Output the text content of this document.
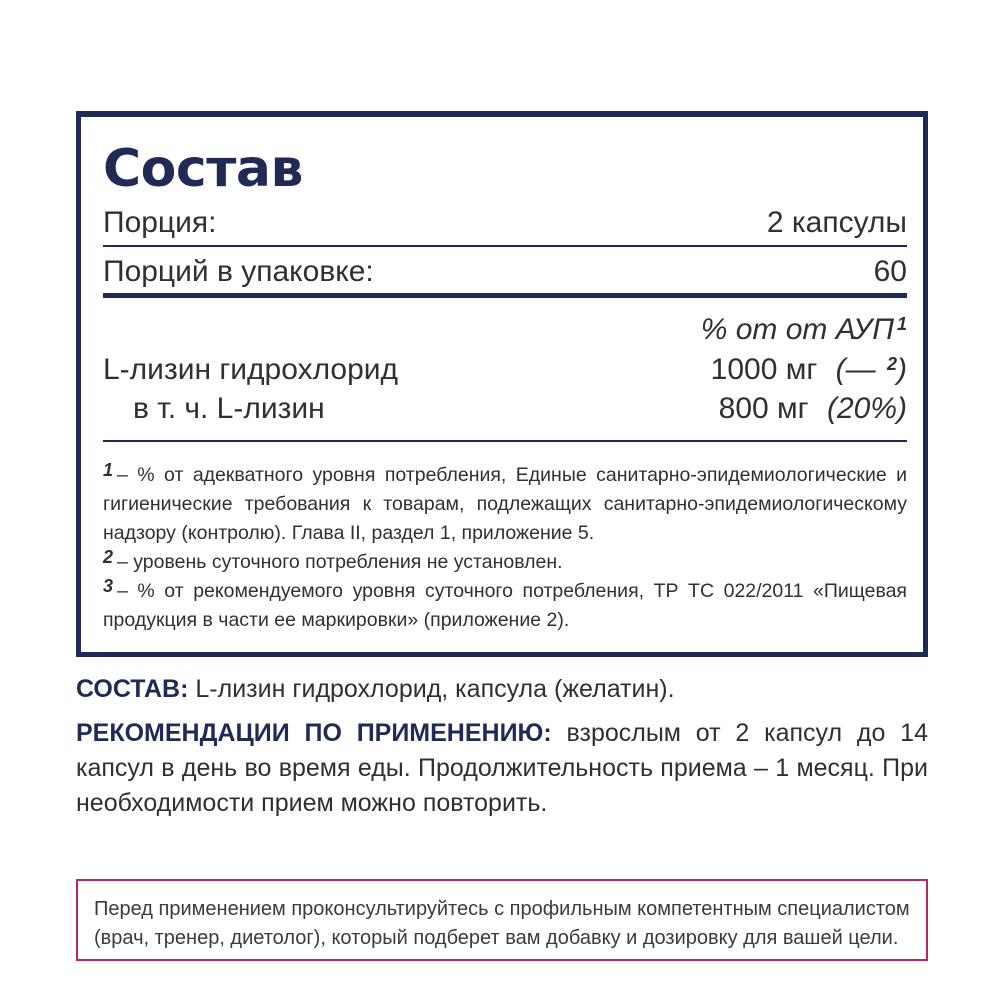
Состав
Порция:	2 капсулы
Порций в упаковке:	60
% от от АУП $^1$
L-лизин гидрохлорид	1000 мг (— $^2$)
в т. ч. L-лизин	800 мг (20%)

1 – % от адекватного уровня потребления, Единые санитарно-эпидемиологические и гигиенические требования к товарам, подлежащих санитарно-эпидемиологическому надзору (контролю). Глава II, раздел 1, приложение 5.

2 – уровень суточного потребления не установлен.

3 – % от рекомендуемого уровня суточного потребления, ТР ТС 022/2011 «Пищевая продукция в части ее маркировки» (приложение 2).

СОСТАВ: L-лизин гидрохлорид, капсула (желатин).

РЕКОМЕНДАЦИИ ПО ПРИМЕНЕНИЮ: взрослым от 2 капсул до 14 капсул в день во время еды. Продолжительность приема – 1 месяц. При необходимости прием можно повторить.

Перед применением проконсультируйтесь с профильным компетентным специалистом (врач, тренер, диетолог), который подберет вам добавку и дозировку для вашей цели.
